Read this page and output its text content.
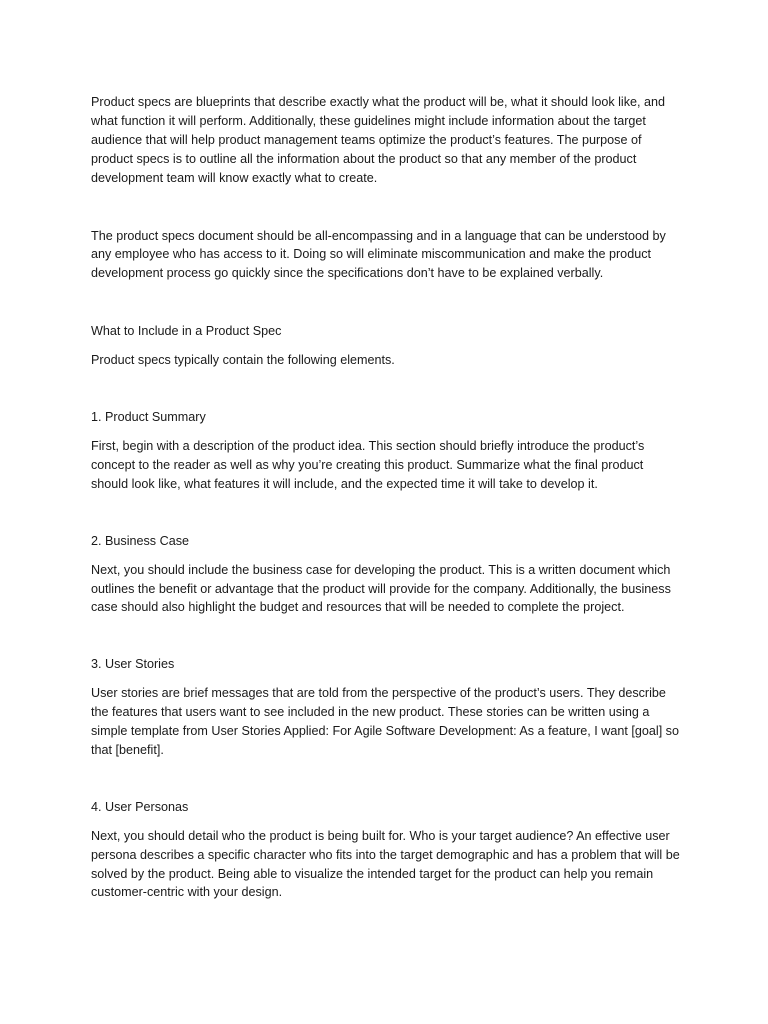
Product specs are blueprints that describe exactly what the product will be, what it should look like, and what function it will perform. Additionally, these guidelines might include information about the target audience that will help product management teams optimize the product’s features. The purpose of product specs is to outline all the information about the product so that any member of the product development team will know exactly what to create.

The product specs document should be all-encompassing and in a language that can be understood by any employee who has access to it. Doing so will eliminate miscommunication and make the product development process go quickly since the specifications don’t have to be explained verbally.

What to Include in a Product Spec

Product specs typically contain the following elements.

1. Product Summary

First, begin with a description of the product idea. This section should briefly introduce the product’s concept to the reader as well as why you’re creating this product. Summarize what the final product should look like, what features it will include, and the expected time it will take to develop it.

2. Business Case

Next, you should include the business case for developing the product. This is a written document which outlines the benefit or advantage that the product will provide for the company. Additionally, the business case should also highlight the budget and resources that will be needed to complete the project.

3. User Stories

User stories are brief messages that are told from the perspective of the product’s users. They describe the features that users want to see included in the new product. These stories can be written using a simple template from User Stories Applied: For Agile Software Development: As a feature, I want [goal] so that [benefit].

4. User Personas

Next, you should detail who the product is being built for. Who is your target audience? An effective user persona describes a specific character who fits into the target demographic and has a problem that will be solved by the product. Being able to visualize the intended target for the product can help you remain customer-centric with your design.
